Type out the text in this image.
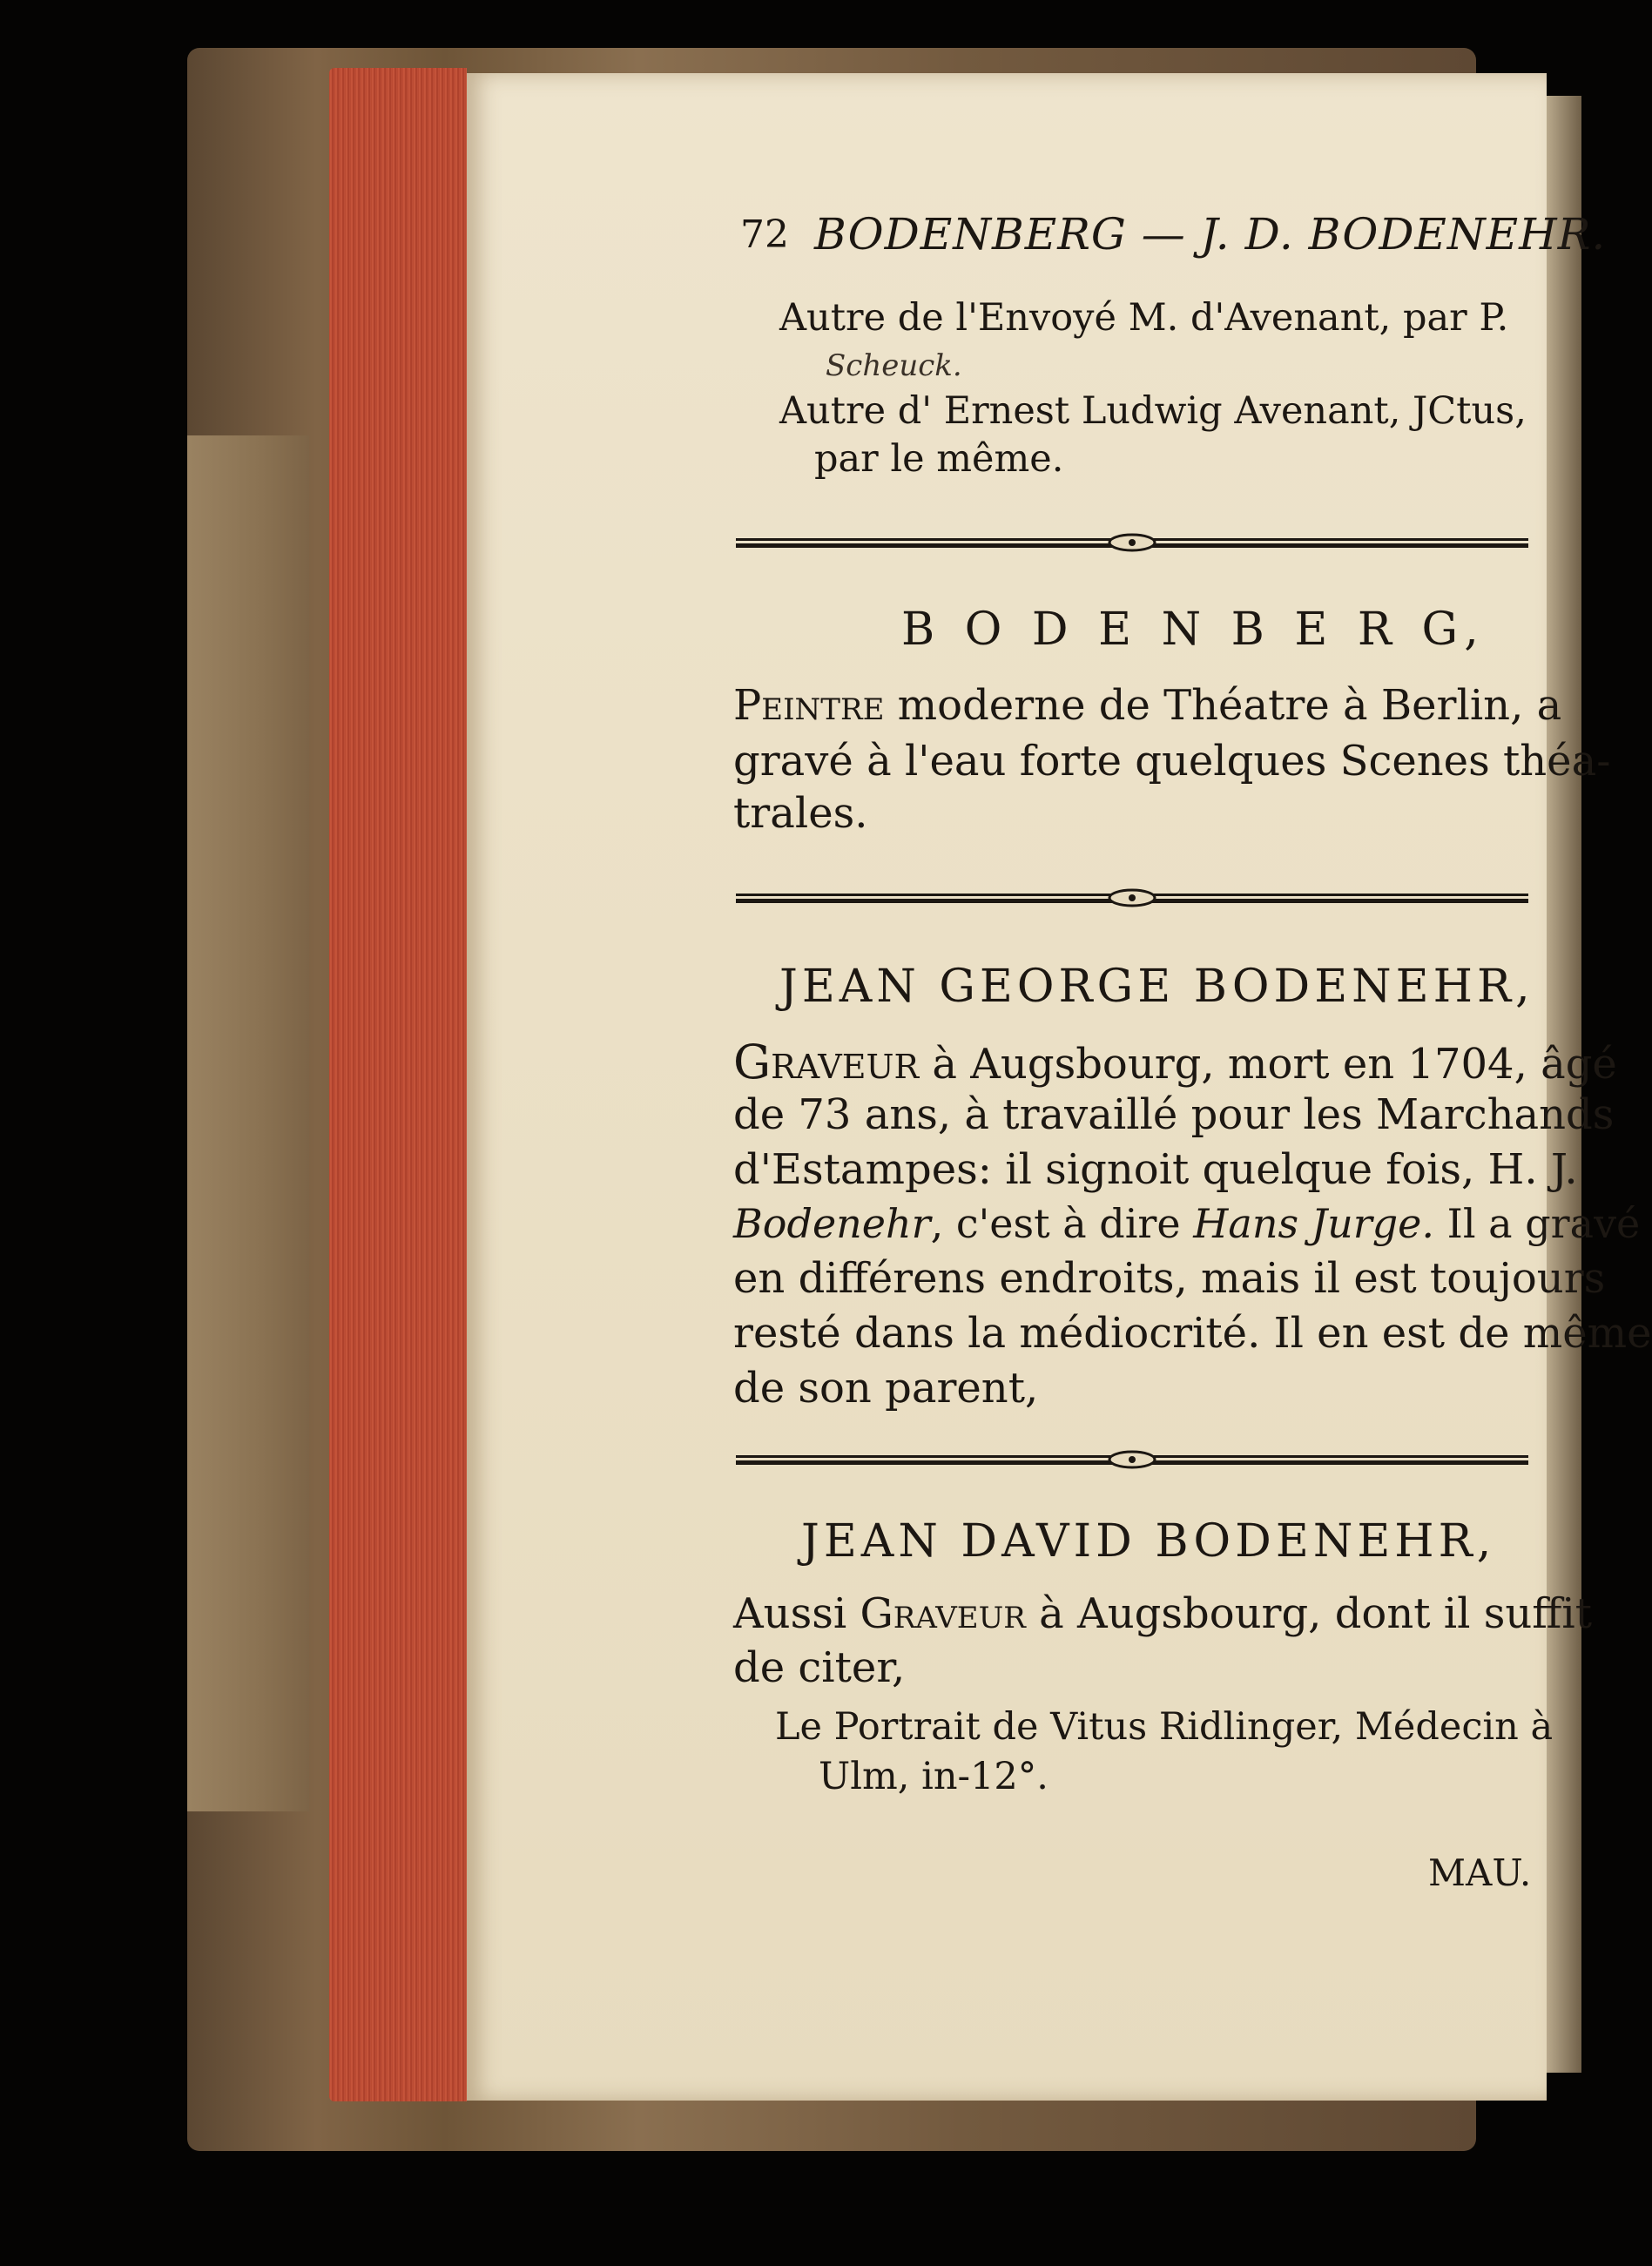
72 BODENBERG — J. D. BODENEHR.
Autre de l'Envoyé M. d'Avenant, par P.
Scheuck.
Autre d' Ernest Ludwig Avenant, JCtus,
par le même.
B O D E N B E R G,
Peintre moderne de Théatre à Berlin, a
gravé à l'eau forte quelques Scenes théa-
trales.
JEAN GEORGE BODENEHR,
Graveur à Augsbourg, mort en 1704, âgé
de 73 ans, à travaillé pour les Marchands
d'Estampes: il signoit quelque fois, H. J.
Bodenehr, c'est à dire Hans Jurge. Il a gravé
en différens endroits, mais il est toujours
resté dans la médiocrité. Il en est de même
de son parent,
JEAN DAVID BODENEHR,
Aussi Graveur à Augsbourg, dont il suffit
de citer,
Le Portrait de Vitus Ridlinger, Médecin à
Ulm, in-12°.
MAU.
